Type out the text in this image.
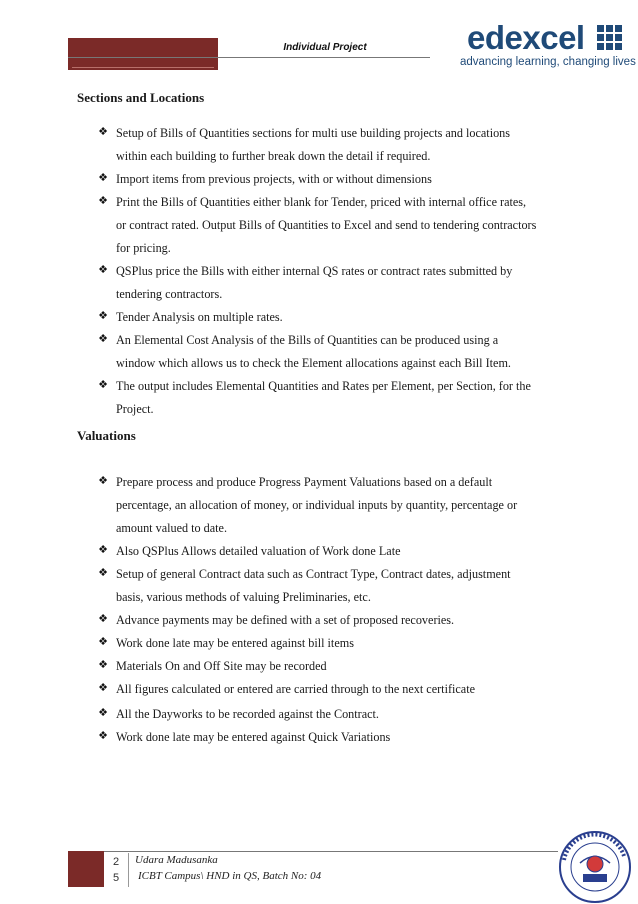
Individual Project	edexcel
advancing learning, changing lives
Sections and Locations
❖ Setup of Bills of Quantities sections for multi use building projects and locations
within each building to further break down the detail if required.
❖ Import items from previous projects, with or without dimensions
❖ Print the Bills of Quantities either blank for Tender, priced with internal office rates,
or contract rated. Output Bills of Quantities to Excel and send to tendering contractors
for pricing.
❖ QSPlus price the Bills with either internal QS rates or contract rates submitted by
tendering contractors.
❖ Tender Analysis on multiple rates.
❖ An Elemental Cost Analysis of the Bills of Quantities can be produced using a
window which allows us to check the Element allocations against each Bill Item.
❖ The output includes Elemental Quantities and Rates per Element, per Section, for the
Project.
Valuations
❖ Prepare process and produce Progress Payment Valuations based on a default
percentage, an allocation of money, or individual inputs by quantity, percentage or
amount valued to date.
❖ Also QSPlus Allows detailed valuation of Work done Late
❖ Setup of general Contract data such as Contract Type, Contract dates, adjustment
basis, various methods of valuing Preliminaries, etc.
❖ Advance payments may be defined with a set of proposed recoveries.
❖ Work done late may be entered against bill items
❖ Materials On and Off Site may be recorded
❖ All figures calculated or entered are carried through to the next certificate
❖ All the Dayworks to be recorded against the Contract.
❖ Work done late may be entered against Quick Variations
2
5
Udara Madusanka
ICBT Campus\ HND in QS, Batch No: 04
